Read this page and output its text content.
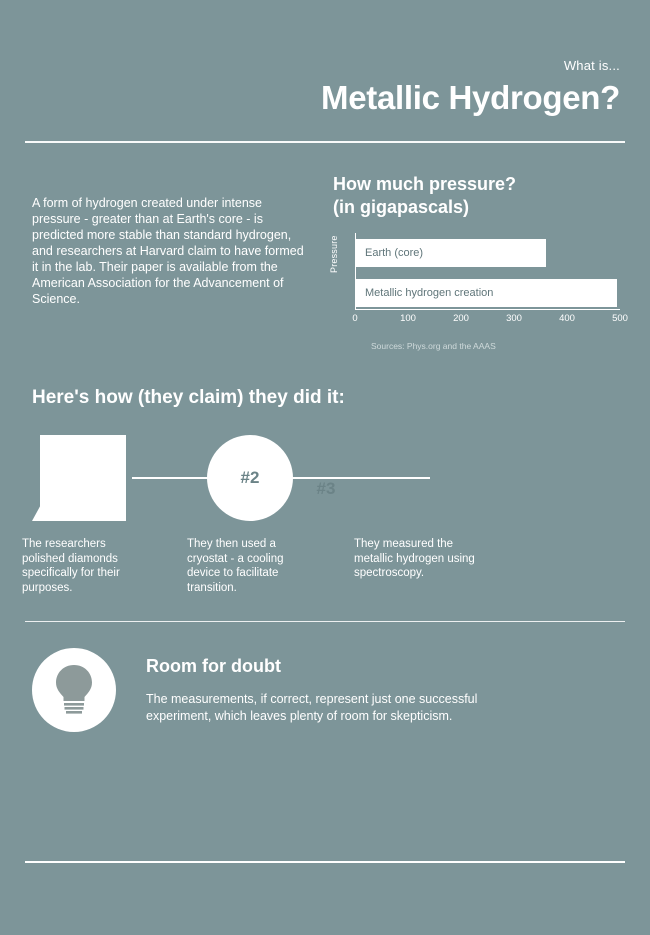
What is...

Metallic Hydrogen?
A form of hydrogen created under intense pressure - greater than at Earth's core - is predicted more stable than standard hydrogen, and researchers at Harvard claim to have formed it in the lab. Their paper is available from the American Association for the Advancement of Science.
How much pressure?
(in gigapascals)
Pressure Earth (core)
Metallic hydrogen creation
0	100	200	300	400	500
Sources: Phys.org and the AAAS
Here's how (they claim) they did it:
#1	#2
#3
The researchers polished diamonds specifically for their purposes.
They then used a cryostat - a cooling device to facilitate transition.
They measured the metallic hydrogen using spectroscopy.
Room for doubt

The measurements, if correct, represent just one successful experiment, which leaves plenty of room for skepticism.
